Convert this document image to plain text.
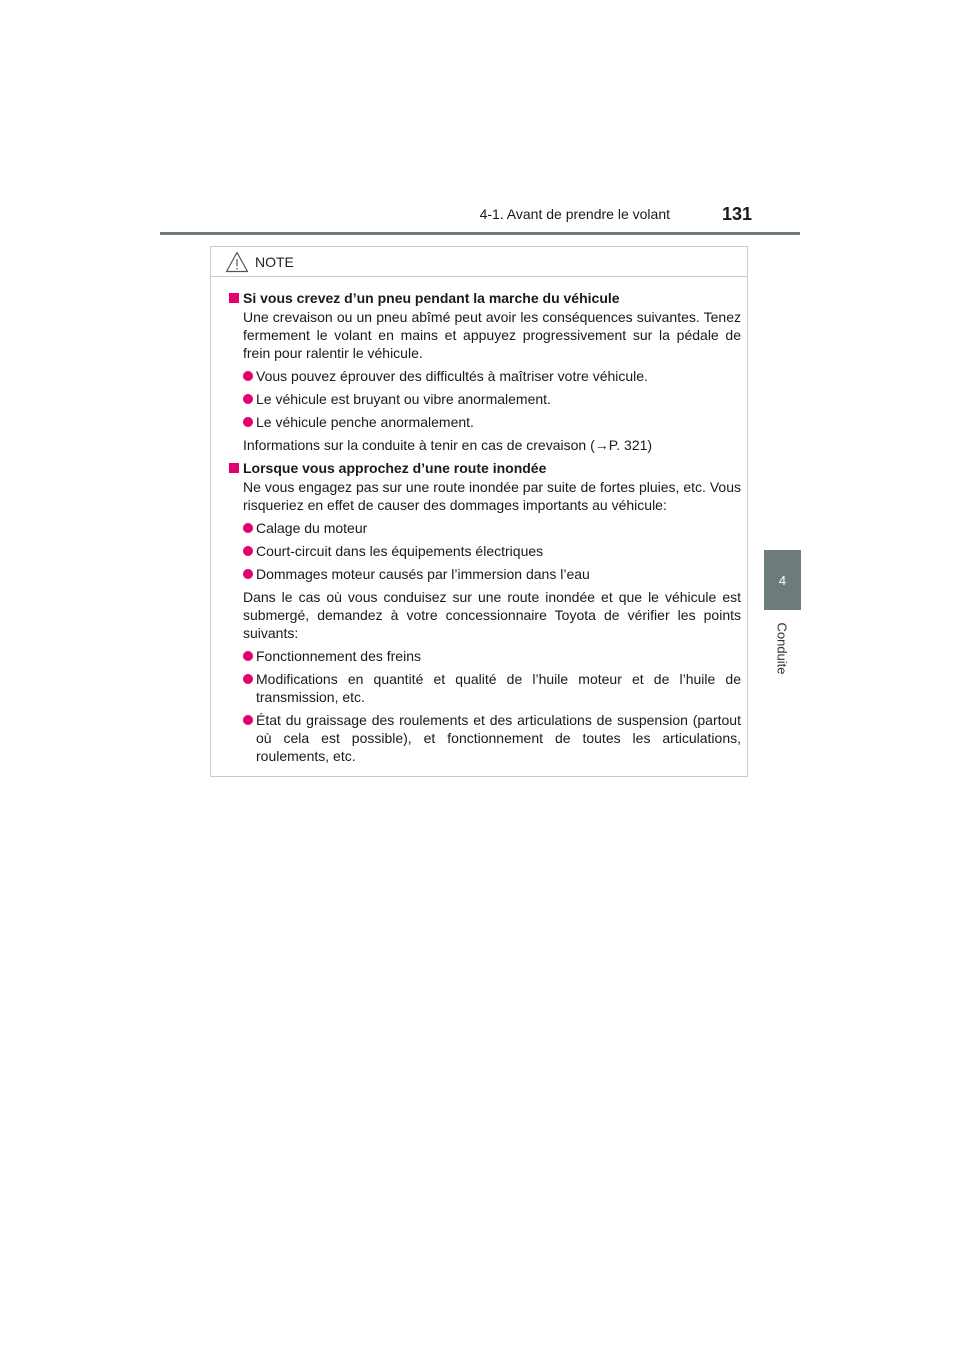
4-1. Avant de prendre le volant	131
4
Conduite
NOTE
Si vous crevez d’un pneu pendant la marche du véhicule
Une crevaison ou un pneu abîmé peut avoir les conséquences suivantes. Tenez fermement le volant en mains et appuyez progressivement sur la pédale de frein pour ralentir le véhicule.
Vous pouvez éprouver des difficultés à maîtriser votre véhicule.
Le véhicule est bruyant ou vibre anormalement.
Le véhicule penche anormalement.
Informations sur la conduite à tenir en cas de crevaison (→P. 321)
Lorsque vous approchez d’une route inondée
Ne vous engagez pas sur une route inondée par suite de fortes pluies, etc. Vous risqueriez en effet de causer des dommages importants au véhicule:
Calage du moteur
Court-circuit dans les équipements électriques
Dommages moteur causés par l’immersion dans l’eau
Dans le cas où vous conduisez sur une route inondée et que le véhicule est submergé, demandez à votre concessionnaire Toyota de vérifier les points suivants:
Fonctionnement des freins
Modifications en quantité et qualité de l’huile moteur et de l’huile de transmission, etc.
État du graissage des roulements et des articulations de suspension (partout où cela est possible), et fonctionnement de toutes les articulations, roulements, etc.
